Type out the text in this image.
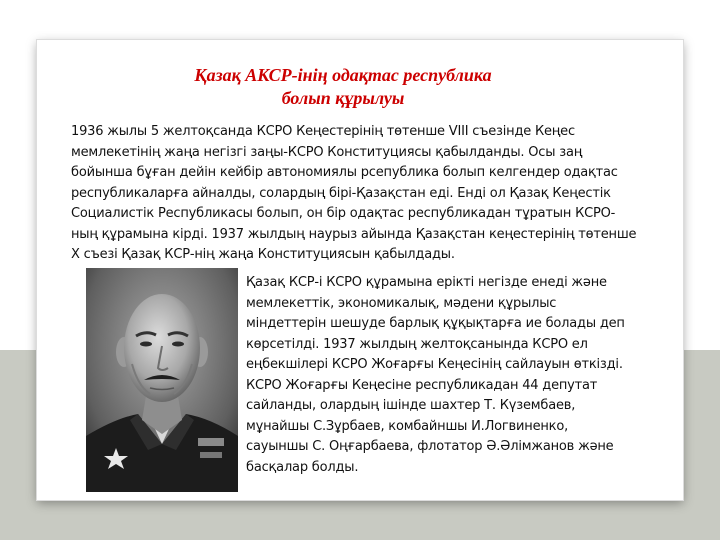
Қазақ АКСР-інің одақтас республика
болып құрылуы

1936 жылы 5 желтоқсанда КСРО Кеңестерінің төтенше VIII съезінде Кеңес
мемлекетінің жаңа негізгі заңы-КСРО Конституциясы қабылданды. Осы заң
бойынша бұған дейін кейбір автономиялы рсепублика болып келгендер одақтас
республикаларға айналды, солардың бірі-Қазақстан еді. Енді ол Қазақ Кеңестік
Социалистік Республикасы болып, он бір одақтас республикадан тұратын КСРО-
ның құрамына кірді. 1937 жылдың наурыз айында Қазақстан кеңестерінің төтенше
Х съезі Қазақ КСР-нің жаңа Конституциясын қабылдады.

Қазақ КСР-і КСРО құрамына ерікті негізде енеді және
мемлекеттік, экономикалық, мәдени құрылыс
міндеттерін шешуде барлық құқықтарға ие болады деп
көрсетілді. 1937 жылдың желтоқсанында КСРО ел
еңбекшілері КСРО Жоғарғы Кеңесінің сайлауын өткізді.
КСРО Жоғарғы Кеңесіне республикадан 44 депутат
сайланды, олардың ішінде шахтер Т. Күзембаев,
мұнайшы С.Зұрбаев, комбайншы И.Логвиненко,
сауыншы С. Оңғарбаева, флотатор Ә.Әлімжанов және
басқалар болды.
